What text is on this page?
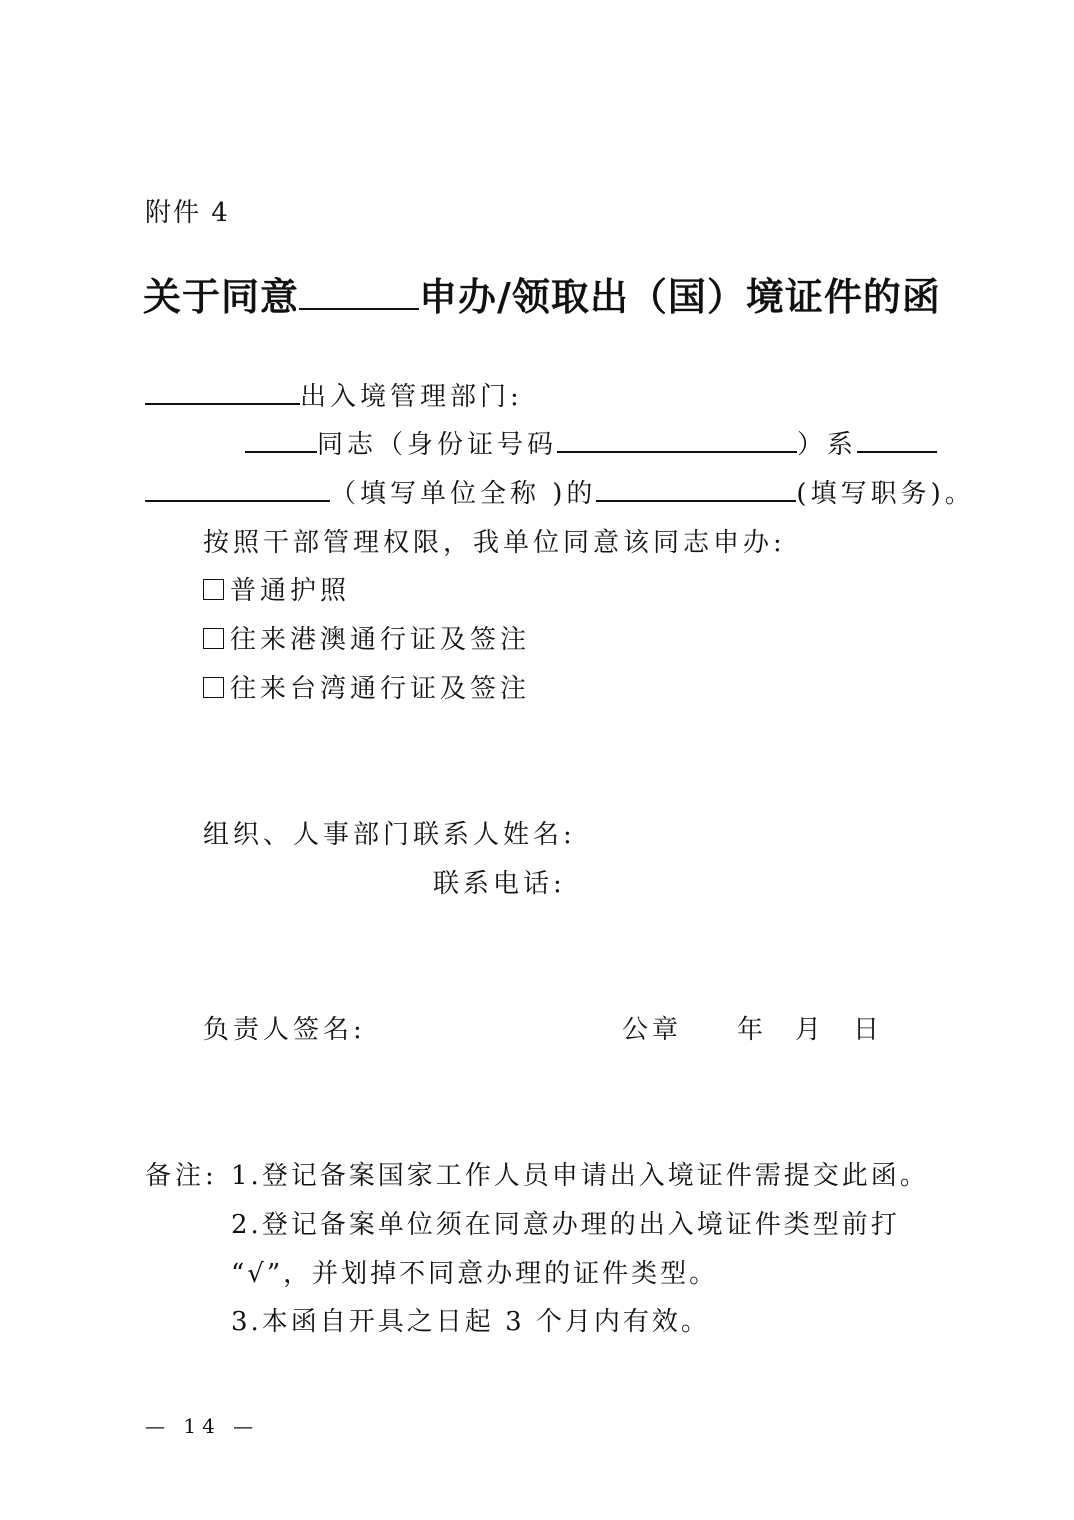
附件 4
关于同意	申办/领取出（国）境证件的函
出入境管理部门:
同志（身份证号码	）系
（填写单位全称 )的	(填写职务)。
按照干部管理权限，我单位同意该同志申办:
普通护照
往来港澳通行证及签注
往来台湾通行证及签注
组织、人事部门联系人姓名:
联系电话:
负责人签名:	公章 年 月 日
备注: 1.登记备案国家工作人员申请出入境证件需提交此函。
2.登记备案单位须在同意办理的出入境证件类型前打
“√”，并划掉不同意办理的证件类型。
3.本函自开具之日起 3 个月内有效。
— 14 —
